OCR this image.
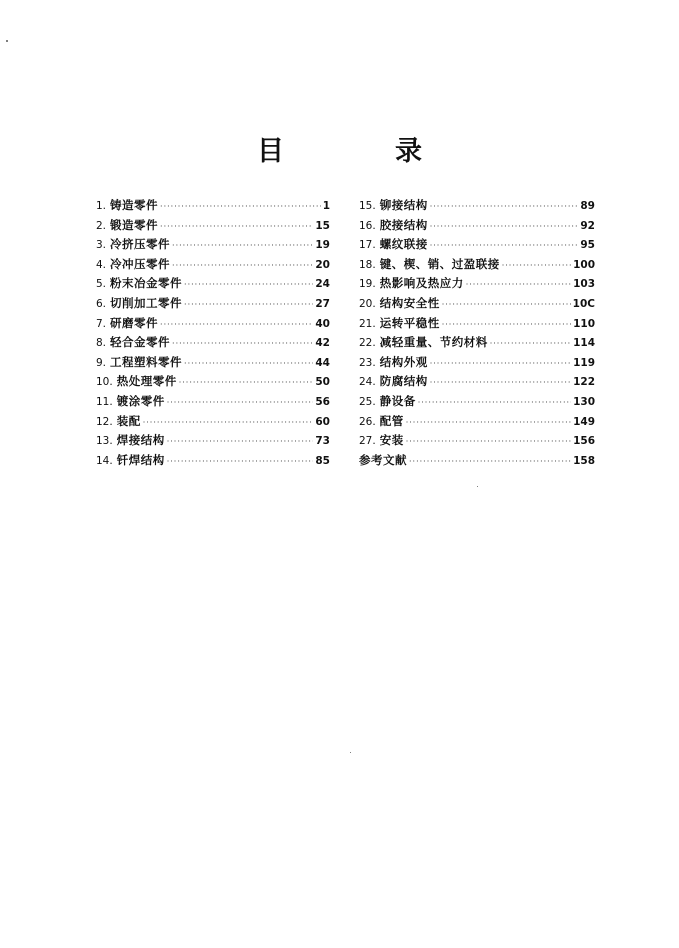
目　录
1. 铸造零件 ·····	1
2. 锻造零件 ·····	15
3. 冷挤压零件 ·····	19
4. 冷冲压零件 ·····	20
5. 粉末冶金零件 ·····	24
6. 切削加工零件 ·····	27
7. 研磨零件 ·····	40
8. 轻合金零件 ·····	42
9. 工程塑料零件 ·····	44
10. 热处理零件 ·····	50
11. 镀涂零件 ·····	56
12. 装配 ·····	60
13. 焊接结构 ·····	73
14. 钎焊结构 ·····	85
15. 铆接结构 ·····	89
16. 胶接结构 ·····	92
17. 螺纹联接 ·····	95
18. 键、楔、销、过盈联接 ·····	100
19. 热影响及热应力 ·····	103
20. 结构安全性 ·····	10C
21. 运转平稳性 ·····	110
22. 减轻重量、节约材料 ·····	114
23. 结构外观 ·····	119
24. 防腐结构 ·····	122
25. 静设备 ·····	130
26. 配管 ·····	149
27. 安装 ·····	156
参考文献 ·····	158
